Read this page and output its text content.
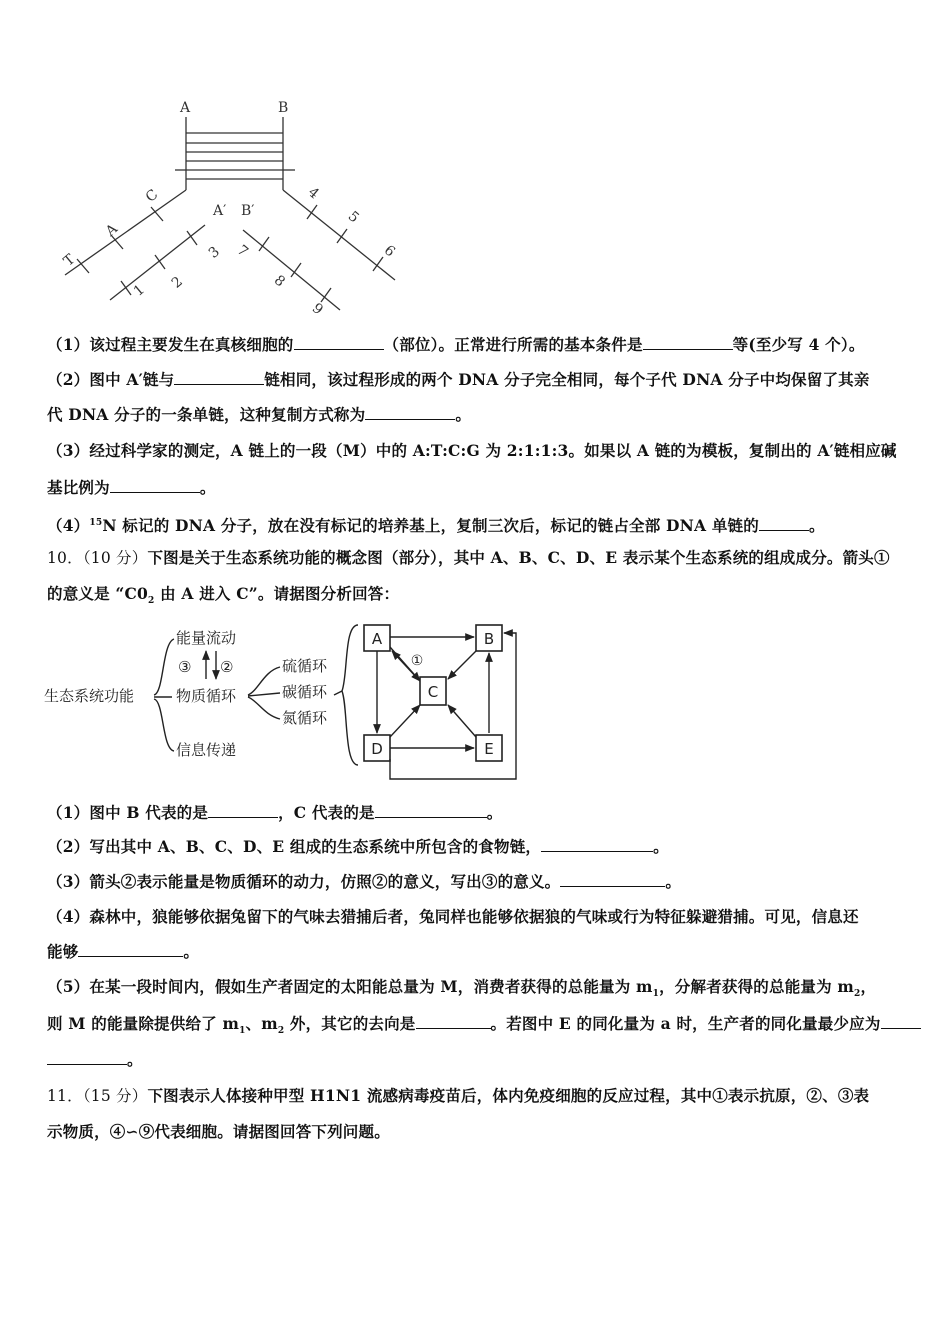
A	B
A′ B′
T
A
C
1 2
3
4
5
6
7
8
9
（1）该过程主要发生在真核细胞的	（部位）。正常进行所需的基本条件是	等(至少写 4 个）。
（2）图中 A′链与	链相同，该过程形成的两个 DNA 分子完全相同，每个子代 DNA 分子中均保留了其亲
代 DNA 分子的一条单链，这种复制方式称为	。
（3）经过科学家的测定，A 链上的一段（M）中的 A:T:C:G 为 2:1:1:3。如果以 A 链的为模板，复制出的 A′链相应碱
基比例为	。
$(4)^{15}N$ 标记的 DNA 分子，放在没有标记的培养基上，复制三次后，标记的链占全部 DNA 单链的	。
10．（10 分）下图是关于生态系统功能的概念图（部分），其中 A、B、C、D、E 表示某个生态系统的组成成分。箭头①
的意义是 “$C0_2$ 由 A 进入 C”。请据图分析回答：
生态系统功能
能量流动
物质循环
信息传递
③ ②	硫循环
碳循环
氮循环
A	B
C
D	E
①
（1）图中 B 代表的是	，C 代表的是	。
（2）写出其中 A、B、C、D、E 组成的生态系统中所包含的食物链，	。
（3）箭头②表示能量是物质循环的动力，仿照②的意义，写出③的意义。	。
（4）森林中，狼能够依据兔留下的气味去猎捕后者，兔同样也能够依据狼的气味或行为特征躲避猎捕。可见，信息还
能够	。
（5）在某一段时间内，假如生产者固定的太阳能总量为 M，消费者获得的总能量为 $m_1$，分解者获得的总能量为 $m_2$，
则 M 的能量除提供给了 $m_1$、$m_2$ 外，其它的去向是	。若图中 E 的同化量为 a 时，生产者的同化量最少应为
。
11．（15 分）下图表示人体接种甲型 H1N1 流感病毒疫苗后，体内免疫细胞的反应过程，其中①表示抗原，②、③表
示物质，④∽⑨代表细胞。请据图回答下列问题。
